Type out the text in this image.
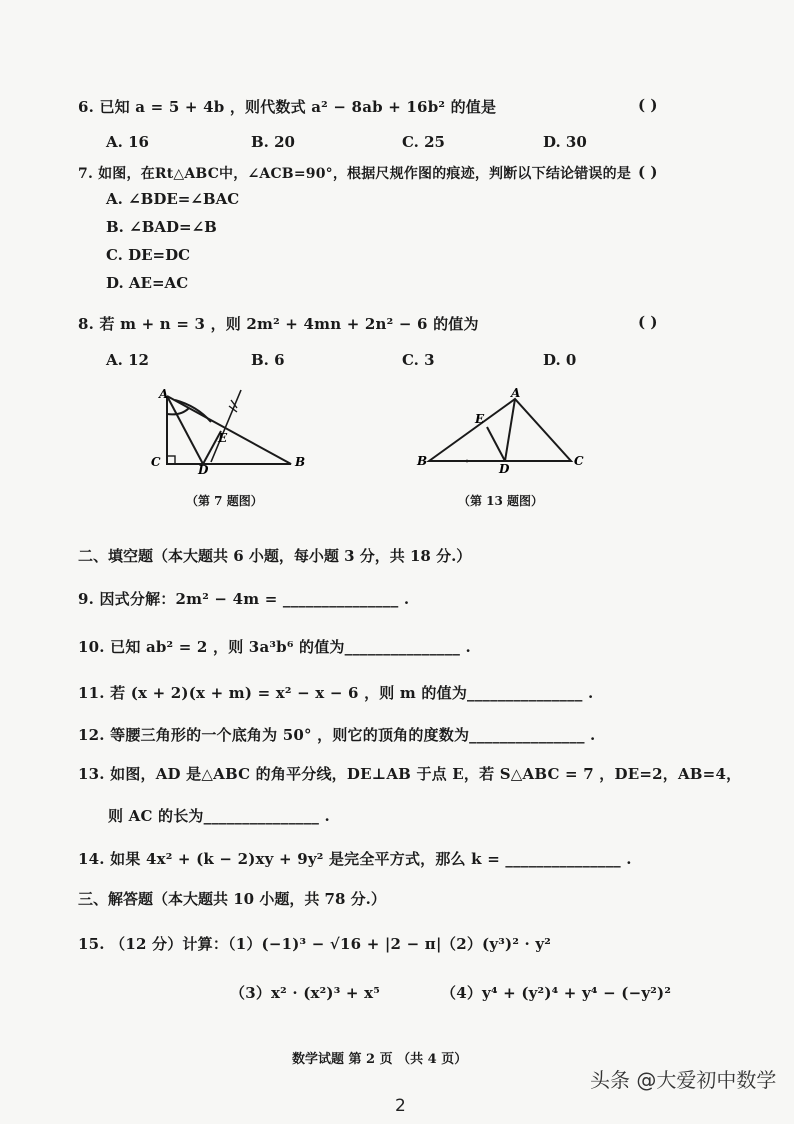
6. 已知 a = 5 + 4b ，则代数式 a² − 8ab + 16b² 的值是	( )
A. 16	B. 20	C. 25	D. 30
7. 如图，在Rt△ABC中，∠ACB=90°，根据尺规作图的痕迹，判断以下结论错误的是 ( )
A. ∠BDE=∠BAC
B. ∠BAD=∠B
C. DE=DC
D. AE=AC
8. 若 m + n = 3 ，则 2m² + 4mn + 2n² − 6 的值为	( )
A. 12	B. 6	C. 3	D. 0
A
B
C
D
E
（第 7 题图）
A
B	C
D
E
（第 13 题图）
二、填空题（本大题共 6 小题，每小题 3 分，共 18 分.）
9. 因式分解：2m² − 4m = _______________ .
10. 已知 ab² = 2 ，则 3a³b⁶ 的值为_______________ .
11. 若 (x + 2)(x + m) = x² − x − 6 ，则 m 的值为_______________ .
12. 等腰三角形的一个底角为 50° ，则它的顶角的度数为_______________ .
13. 如图，AD 是△ABC 的角平分线，DE⊥AB 于点 E，若 S△ABC = 7 ，DE=2，AB=4，
则 AC 的长为_______________ .
14. 如果 4x² + (k − 2)xy + 9y² 是完全平方式，那么 k = _______________ .
三、解答题（本大题共 10 小题，共 78 分.）
15. （12 分）计算：（1）(−1)³ − √16 + |2 − π| （2）(y³)² · y²
（3）x² · (x²)³ + x⁵	（4）y⁴ + (y²)⁴ + y⁴ − (−y²)²
数学试题 第 2 页 （共 4 页）
头条 @大爱初中数学
2
